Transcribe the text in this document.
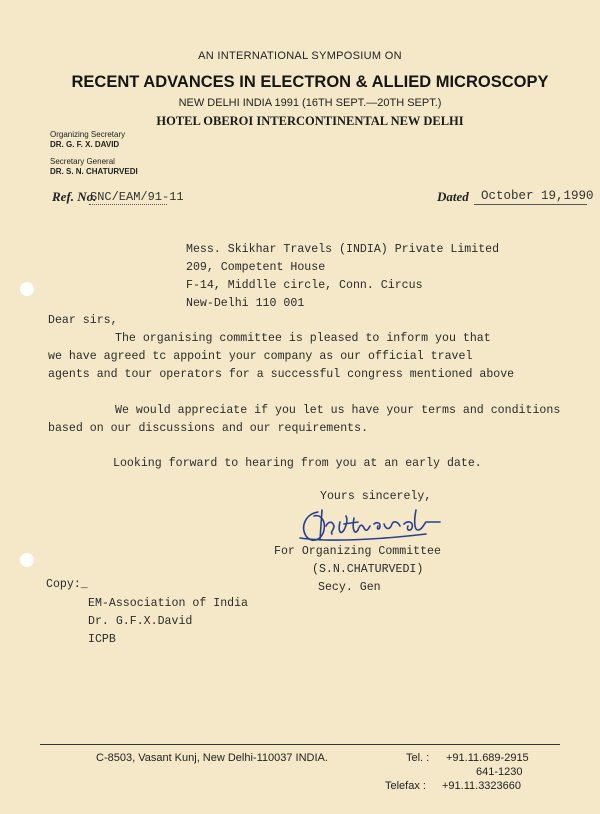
AN INTERNATIONAL SYMPOSIUM ON
RECENT ADVANCES IN ELECTRON & ALLIED MICROSCOPY
NEW DELHI INDIA 1991 (16TH SEPT.—20TH SEPT.)
HOTEL OBEROI INTERCONTINENTAL NEW DELHI
Organizing Secretary
DR. G. F. X. DAVID
Secretary General
DR. S. N. CHATURVEDI
Ref. No.
SNC/EAM/91-11	Dated October 19,1990
Mess. Skikhar Travels (INDIA) Private Limited
209, Competent House
F-14, Middlle circle, Conn. Circus
New-Delhi 110 001
Dear sirs,
The organising committee is pleased to inform you that
we have agreed tc appoint your company as our official travel
agents and tour operators for a successful congress mentioned above
We would appreciate if you let us have your terms and conditions
based on our discussions and our requirements.
Looking forward to hearing from you at an early date.
Yours sincerely,
For Organizing Committee
(S.N.CHATURVEDI)
Secy. Gen
Copy:_
EM-Association of India
Dr. G.F.X.David
ICPB
C-8503, Vasant Kunj, New Delhi-110037 INDIA.	Tel. : +91.11.689-2915
641-1230
Telefax : +91.11.3323660
